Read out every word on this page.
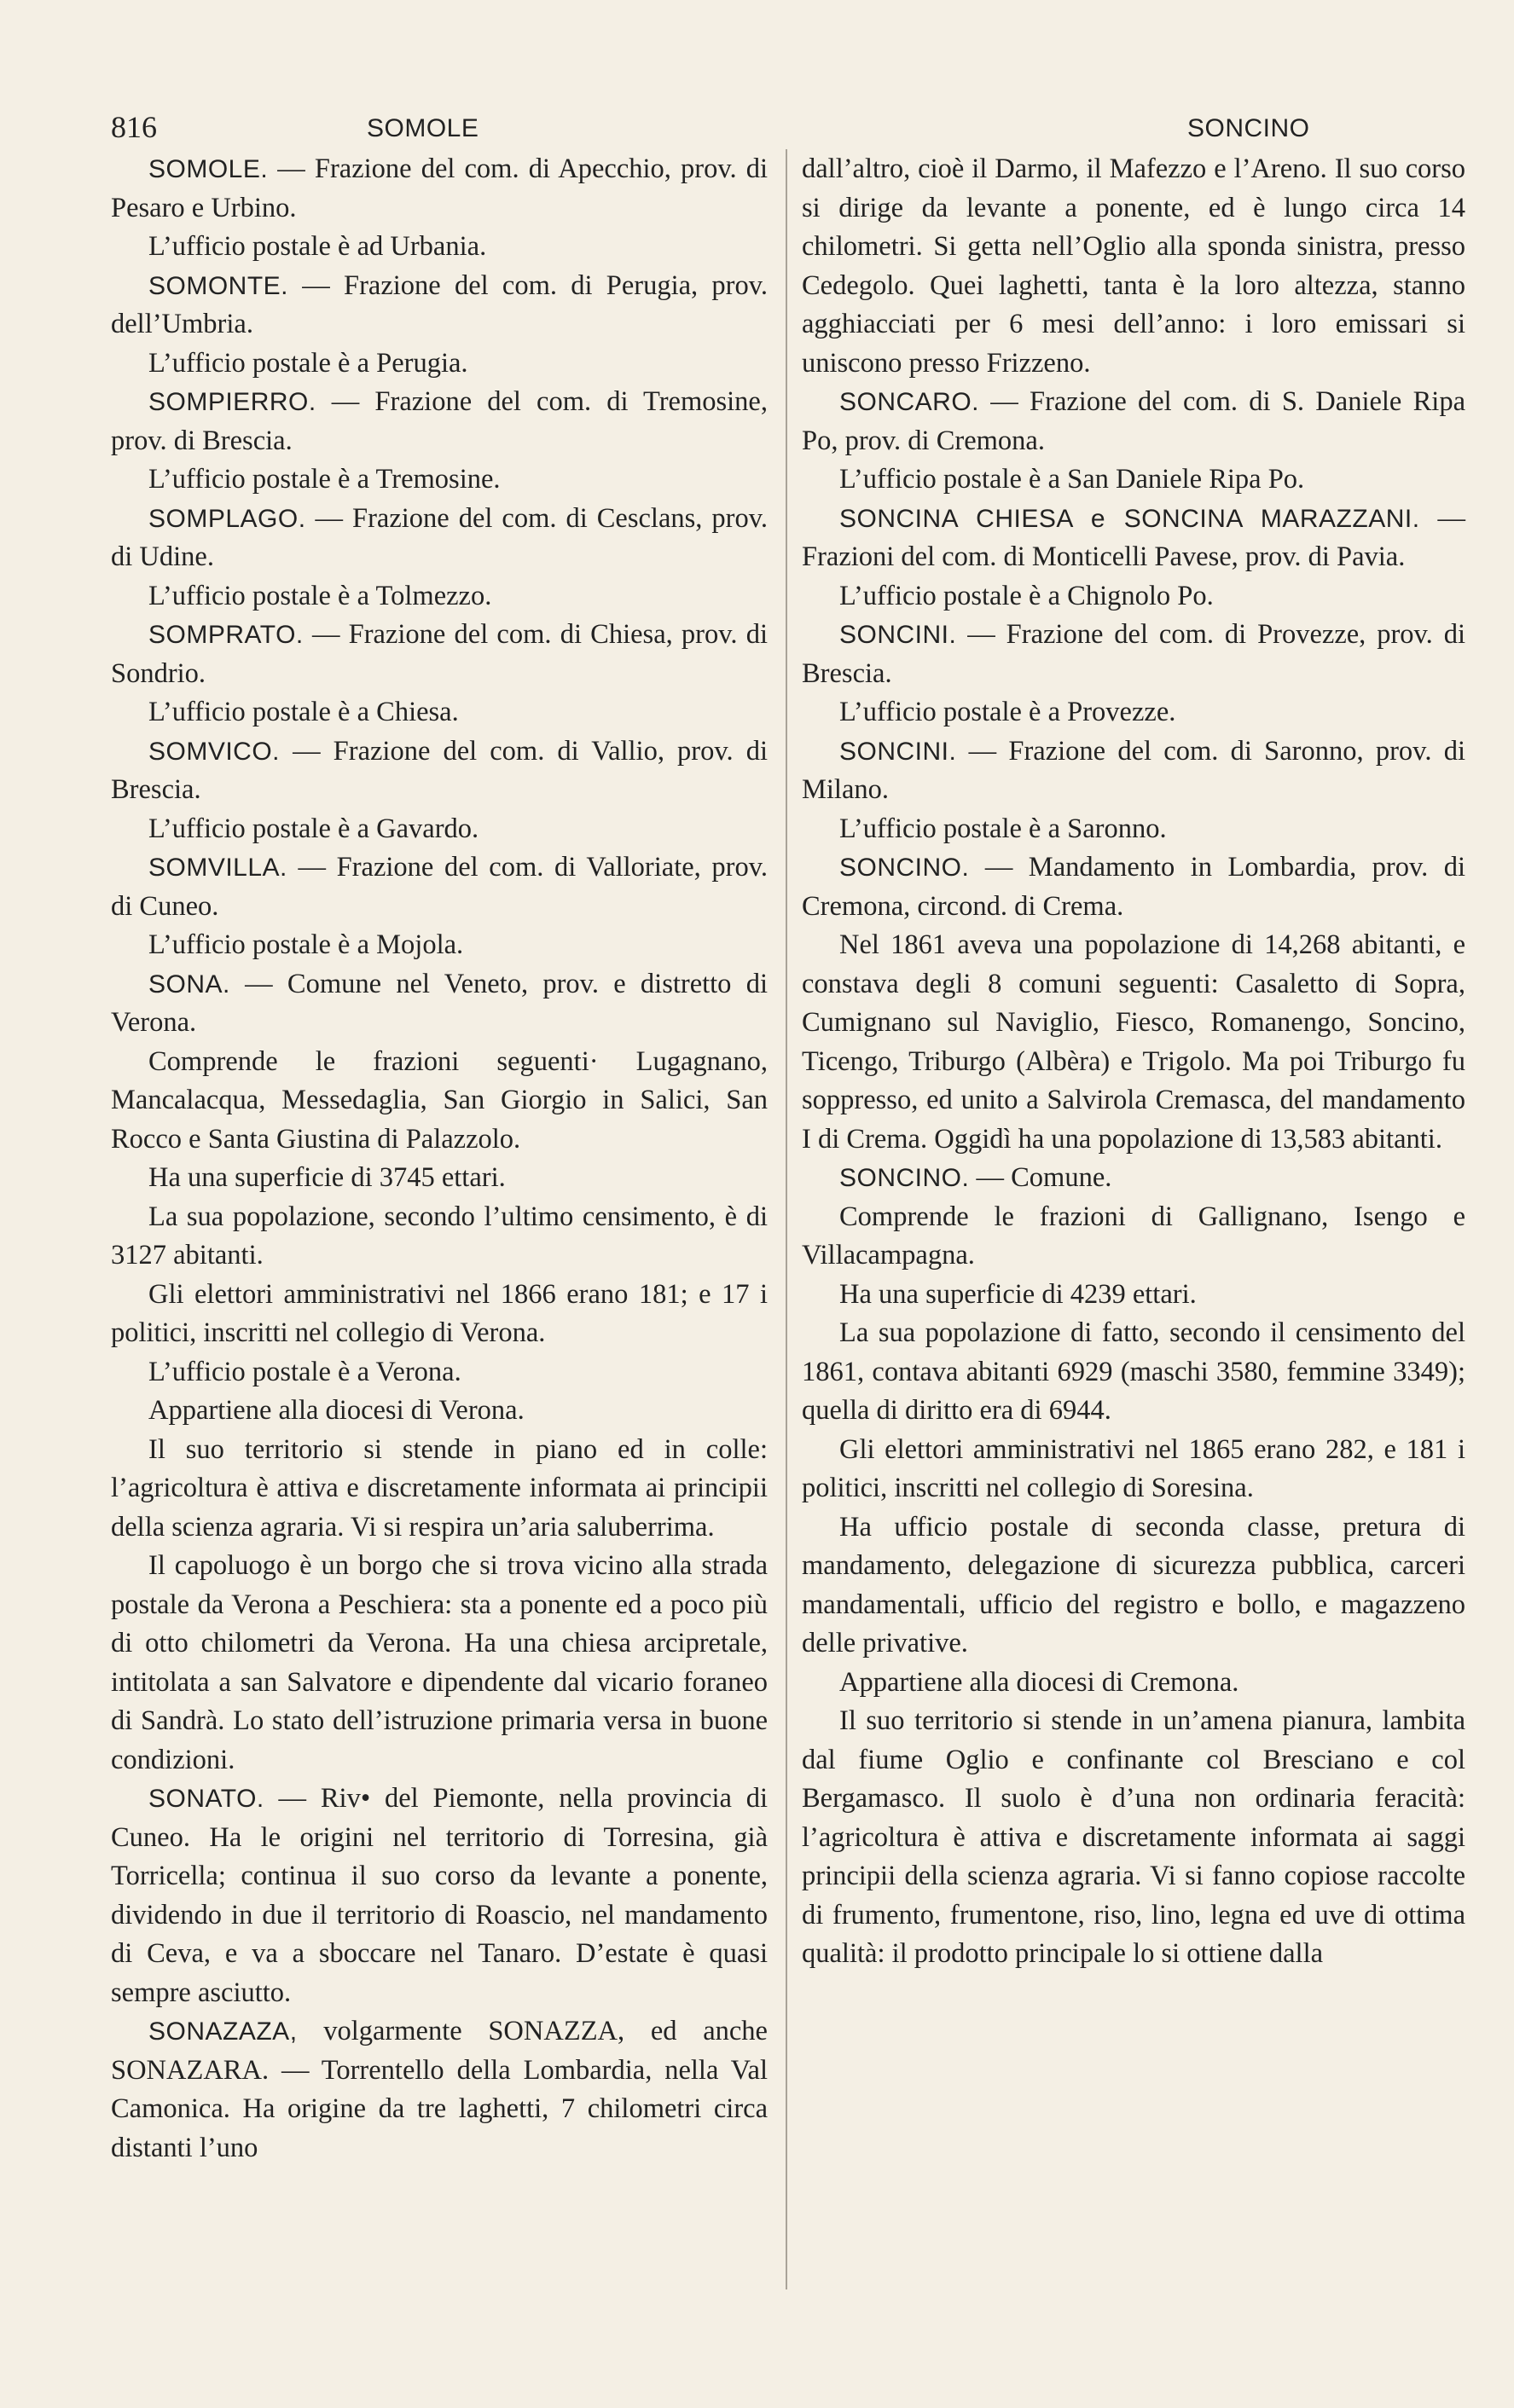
816	SOMOLE	SONCINO

SOMOLE. — Frazione del com. di Apecchio, prov. di Pesaro e Urbino.

L’ufficio postale è ad Urbania.

SOMONTE. — Frazione del com. di Perugia, prov. dell’Umbria.

L’ufficio postale è a Perugia.

SOMPIERRO. — Frazione del com. di Tremosine, prov. di Brescia.

L’ufficio postale è a Tremosine.

SOMPLAGO. — Frazione del com. di Cesclans, prov. di Udine.

L’ufficio postale è a Tolmezzo.

SOMPRATO. — Frazione del com. di Chiesa, prov. di Sondrio.

L’ufficio postale è a Chiesa.

SOMVICO. — Frazione del com. di Vallio, prov. di Brescia.

L’ufficio postale è a Gavardo.

SOMVILLA. — Frazione del com. di Valloriate, prov. di Cuneo.

L’ufficio postale è a Mojola.

SONA. — Comune nel Veneto, prov. e distretto di Verona.

Comprende le frazioni seguenti· Lugagnano, Mancalacqua, Messedaglia, San Giorgio in Salici, San Rocco e Santa Giustina di Palazzolo.

Ha una superficie di 3745 ettari.

La sua popolazione, secondo l’ultimo censimento, è di 3127 abitanti.

Gli elettori amministrativi nel 1866 erano 181; e 17 i politici, inscritti nel collegio di Verona.

L’ufficio postale è a Verona.

Appartiene alla diocesi di Verona.

Il suo territorio si stende in piano ed in colle: l’agricoltura è attiva e discretamente informata ai principii della scienza agraria. Vi si respira un’aria saluberrima.

Il capoluogo è un borgo che si trova vicino alla strada postale da Verona a Peschiera: sta a ponente ed a poco più di otto chilometri da Verona. Ha una chiesa arcipretale, intitolata a san Salvatore e dipendente dal vicario foraneo di Sandrà. Lo stato dell’istruzione primaria versa in buone condizioni.

SONATO. — Riv• del Piemonte, nella provincia di Cuneo. Ha le origini nel territorio di Torresina, già Torricella; continua il suo corso da levante a ponente, dividendo in due il territorio di Roascio, nel mandamento di Ceva, e va a sboccare nel Tanaro. D’estate è quasi sempre asciutto.

SONAZAZA, volgarmente SONAZZA, ed anche SONAZARA. — Torrentello della Lombardia, nella Val Camonica. Ha origine da tre laghetti, 7 chilometri circa distanti l’uno

dall’altro, cioè il Darmo, il Mafezzo e l’Areno. Il suo corso si dirige da levante a ponente, ed è lungo circa 14 chilometri. Si getta nell’Oglio alla sponda sinistra, presso Cedegolo. Quei laghetti, tanta è la loro altezza, stanno agghiacciati per 6 mesi dell’anno: i loro emissari si uniscono presso Frizzeno.

SONCARO. — Frazione del com. di S. Daniele Ripa Po, prov. di Cremona.

L’ufficio postale è a San Daniele Ripa Po.

SONCINA CHIESA e SONCINA MARAZZANI. — Frazioni del com. di Monticelli Pavese, prov. di Pavia.

L’ufficio postale è a Chignolo Po.

SONCINI. — Frazione del com. di Provezze, prov. di Brescia.

L’ufficio postale è a Provezze.

SONCINI. — Frazione del com. di Saronno, prov. di Milano.

L’ufficio postale è a Saronno.

SONCINO. — Mandamento in Lombardia, prov. di Cremona, circond. di Crema.

Nel 1861 aveva una popolazione di 14,268 abitanti, e constava degli 8 comuni seguenti: Casaletto di Sopra, Cumignano sul Naviglio, Fiesco, Romanengo, Soncino, Ticengo, Triburgo (Albèra) e Trigolo. Ma poi Triburgo fu soppresso, ed unito a Salvirola Cremasca, del mandamento I di Crema. Oggidì ha una popolazione di 13,583 abitanti.

SONCINO. — Comune.

Comprende le frazioni di Gallignano, Isengo e Villacampagna.

Ha una superficie di 4239 ettari.

La sua popolazione di fatto, secondo il censimento del 1861, contava abitanti 6929 (maschi 3580, femmine 3349); quella di diritto era di 6944.

Gli elettori amministrativi nel 1865 erano 282, e 181 i politici, inscritti nel collegio di Soresina.

Ha ufficio postale di seconda classe, pretura di mandamento, delegazione di sicurezza pubblica, carceri mandamentali, ufficio del registro e bollo, e magazzeno delle privative.

Appartiene alla diocesi di Cremona.

Il suo territorio si stende in un’amena pianura, lambita dal fiume Oglio e confinante col Bresciano e col Bergamasco. Il suolo è d’una non ordinaria feracità: l’agricoltura è attiva e discretamente informata ai saggi principii della scienza agraria. Vi si fanno copiose raccolte di frumento, frumentone, riso, lino, legna ed uve di ottima qualità: il prodotto principale lo si ottiene dalla
